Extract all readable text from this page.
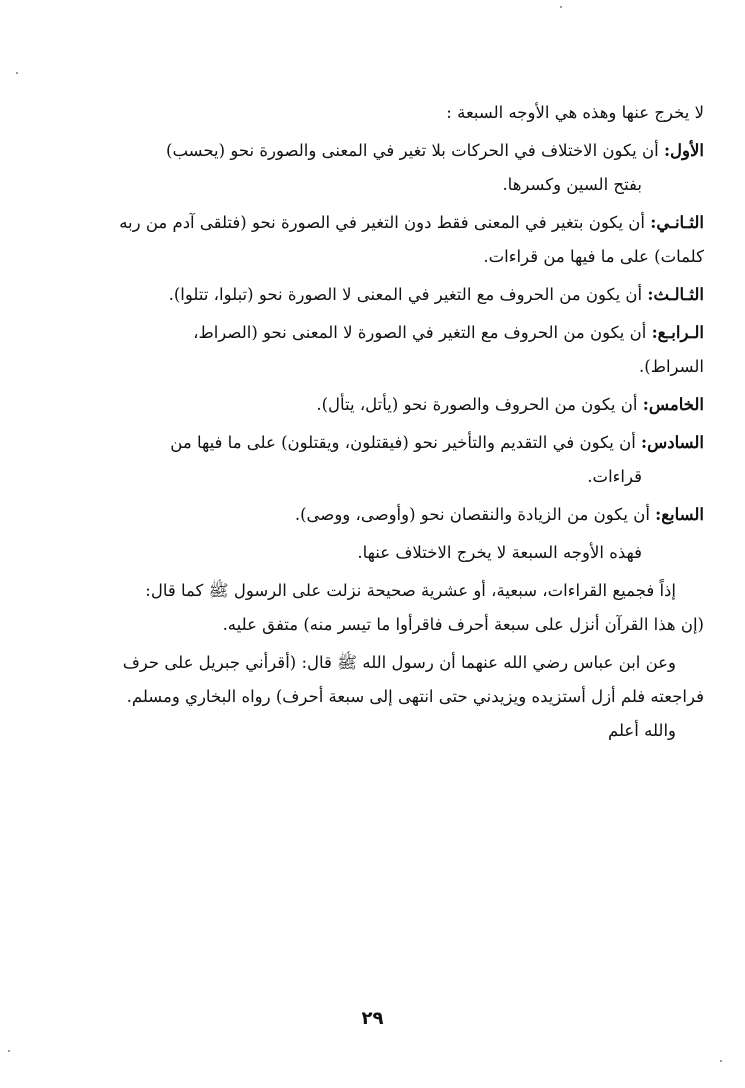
لا يخرج عنها وهذه هي الأوجه السبعة :
الأول: أن يكون الاختلاف في الحركات بلا تغير في المعنى والصورة نحو (يحسب)
بفتح السين وكسرها.
الثـانـي: أن يكون بتغير في المعنى فقط دون التغير في الصورة نحو (فتلقى آدم من ربه
كلمات) على ما فيها من قراءات.
الثـالـث: أن يكون من الحروف مع التغير في المعنى لا الصورة نحو (تبلوا، تتلوا).
الـرابـع: أن يكون من الحروف مع التغير في الصورة لا المعنى نحو (الصراط،
السراط).
الخامس: أن يكون من الحروف والصورة نحو (يأتل، يتأل).
السادس: أن يكون في التقديم والتأخير نحو (فيقتلون، ويقتلون) على ما فيها من
قراءات.
السابع: أن يكون من الزيادة والنقصان نحو (وأوصى، ووصى).
فهذه الأوجه السبعة لا يخرج الاختلاف عنها.
إذاً فجميع القراءات، سبعية، أو عشرية صحيحة نزلت على الرسول ﷺ كما قال:
(إن هذا القرآن أنزل على سبعة أحرف فاقرأوا ما تيسر منه) متفق عليه.
وعن ابن عباس رضي الله عنهما أن رسول الله ﷺ قال: (أقرأني جبريل على حرف
فراجعته فلم أزل أستزيده ويزيدني حتى انتهى إلى سبعة أحرف) رواه البخاري ومسلم.
والله أعلم
٢٩
